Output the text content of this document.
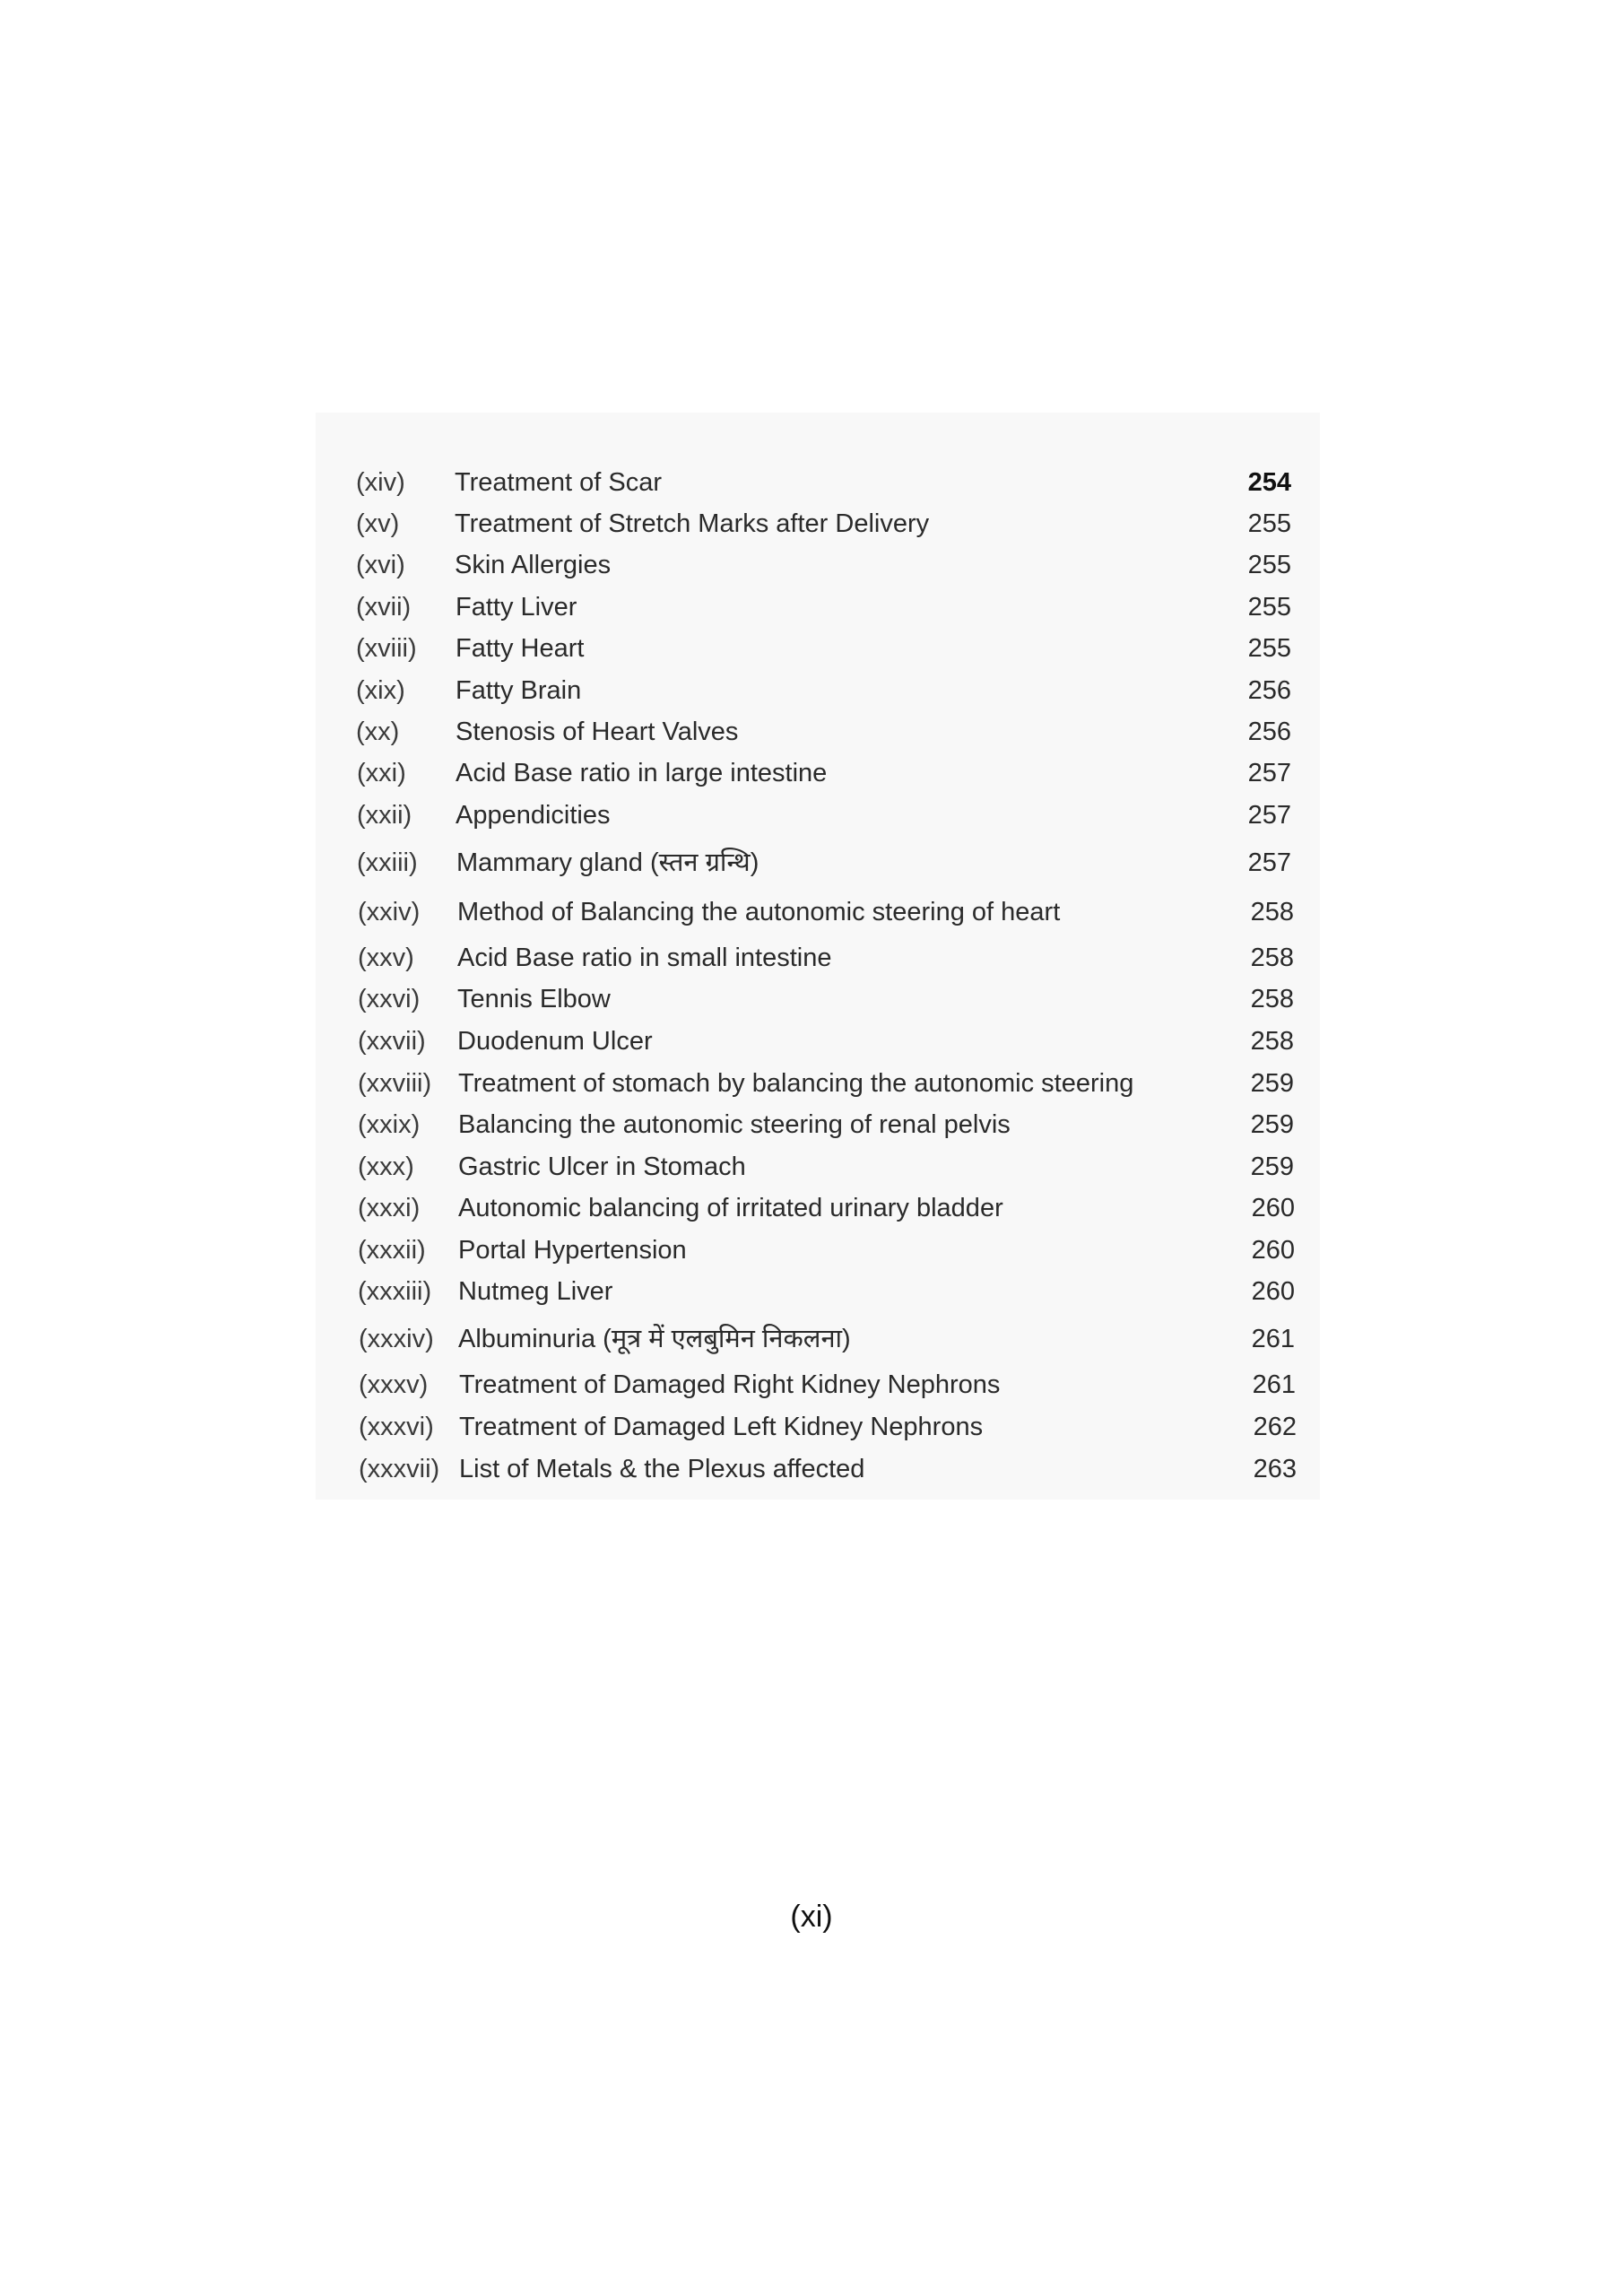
(xiv) Treatment of Scar	254
(xv) Treatment of Stretch Marks after Delivery	255
(xvi) Skin Allergies	255
(xvii) Fatty Liver	255
(xviii) Fatty Heart	255
(xix) Fatty Brain	256
(xx) Stenosis of Heart Valves	256
(xxi) Acid Base ratio in large intestine	257
(xxii) Appendicities	257
(xxiii) Mammary gland (स्तन ग्रन्थि)	257
(xxiv) Method of Balancing the autonomic steering of heart	258
(xxv) Acid Base ratio in small intestine	258
(xxvi) Tennis Elbow	258
(xxvii) Duodenum Ulcer	258
(xxviii) Treatment of stomach by balancing the autonomic steering	259
(xxix) Balancing the autonomic steering of renal pelvis	259
(xxx) Gastric Ulcer in Stomach	259
(xxxi) Autonomic balancing of irritated urinary bladder	260
(xxxii) Portal Hypertension	260
(xxxiii) Nutmeg Liver	260
(xxxiv) Albuminuria (मूत्र में एलबुमिन निकलना)	261
(xxxv) Treatment of Damaged Right Kidney Nephrons	261
(xxxvi) Treatment of Damaged Left Kidney Nephrons	262
(xxxvii) List of Metals & the Plexus affected	263
(xi)
